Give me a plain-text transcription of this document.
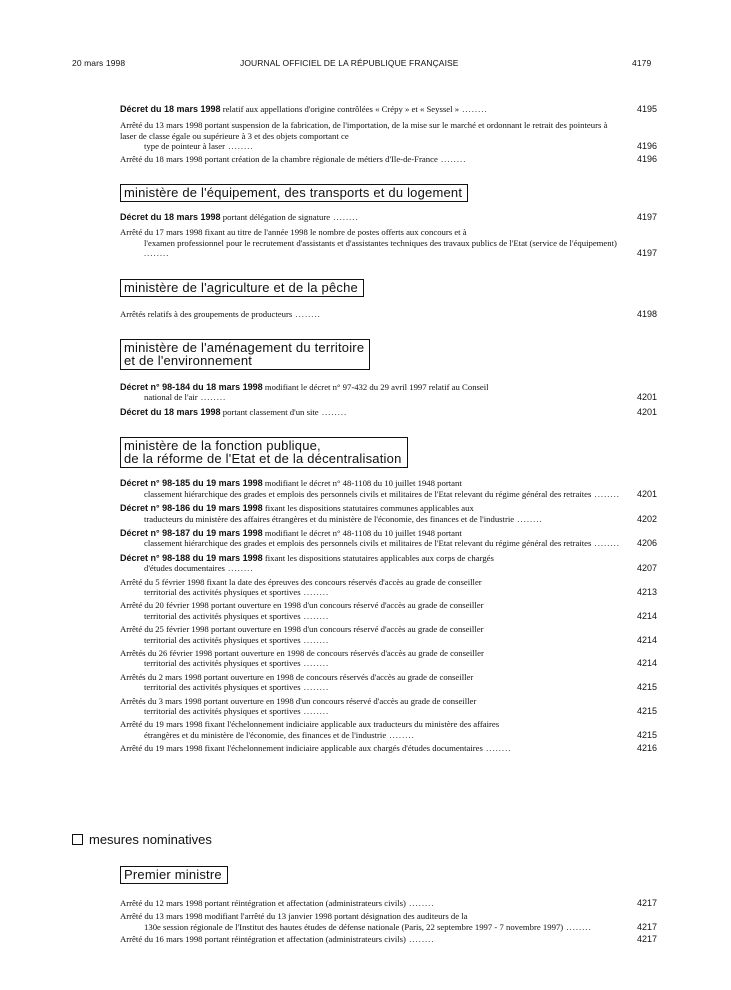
20 mars 1998	JOURNAL OFFICIEL DE LA RÉPUBLIQUE FRANÇAISE	4179
Décret du 18 mars 1998 relatif aux appellations d'origine contrôlées « Crépy » et « Seyssel » ........	4195
Arrêté du 13 mars 1998 portant suspension de la fabrication, de l'importation, de la mise sur le marché et ordonnant le retrait des pointeurs à laser de classe égale ou supérieure à 3 et des objets comportant ce
type de pointeur à laser ........	4196
Arrêté du 18 mars 1998 portant création de la chambre régionale de métiers d'Ile-de-France ........	4196
ministère de l'équipement, des transports et du logement
Décret du 18 mars 1998 portant délégation de signature ........	4197
Arrêté du 17 mars 1998 fixant au titre de l'année 1998 le nombre de postes offerts aux concours et à
l'examen professionnel pour le recrutement d'assistants et d'assistantes techniques des travaux publics de l'Etat (service de l'équipement) ........	4197
ministère de l'agriculture et de la pêche
Arrêtés relatifs à des groupements de producteurs ........	4198
ministère de l'aménagement du territoire
et de l'environnement
Décret n° 98-184 du 18 mars 1998 modifiant le décret n° 97-432 du 29 avril 1997 relatif au Conseil
national de l'air ........	4201
Décret du 18 mars 1998 portant classement d'un site ........	4201
ministère de la fonction publique,
de la réforme de l'Etat et de la décentralisation
Décret n° 98-185 du 19 mars 1998 modifiant le décret n° 48-1108 du 10 juillet 1948 portant
classement hiérarchique des grades et emplois des personnels civils et militaires de l'Etat relevant du régime général des retraites ........	4201
Décret n° 98-186 du 19 mars 1998 fixant les dispositions statutaires communes applicables aux
traducteurs du ministère des affaires étrangères et du ministère de l'économie, des finances et de l'industrie ........	4202
Décret n° 98-187 du 19 mars 1998 modifiant le décret n° 48-1108 du 10 juillet 1948 portant
classement hiérarchique des grades et emplois des personnels civils et militaires de l'Etat relevant du régime général des retraites ........	4206
Décret n° 98-188 du 19 mars 1998 fixant les dispositions statutaires applicables aux corps de chargés
d'études documentaires ........	4207
Arrêté du 5 février 1998 fixant la date des épreuves des concours réservés d'accès au grade de conseiller
territorial des activités physiques et sportives ........	4213
Arrêté du 20 février 1998 portant ouverture en 1998 d'un concours réservé d'accès au grade de conseiller
territorial des activités physiques et sportives ........	4214
Arrêté du 25 février 1998 portant ouverture en 1998 d'un concours réservé d'accès au grade de conseiller
territorial des activités physiques et sportives ........	4214
Arrêtés du 26 février 1998 portant ouverture en 1998 de concours réservés d'accès au grade de conseiller
territorial des activités physiques et sportives ........	4214
Arrêtés du 2 mars 1998 portant ouverture en 1998 de concours réservés d'accès au grade de conseiller
territorial des activités physiques et sportives ........	4215
Arrêtés du 3 mars 1998 portant ouverture en 1998 d'un concours réservé d'accès au grade de conseiller
territorial des activités physiques et sportives ........	4215
Arrêté du 19 mars 1998 fixant l'échelonnement indiciaire applicable aux traducteurs du ministère des affaires
étrangères et du ministère de l'économie, des finances et de l'industrie ........	4215
Arrêté du 19 mars 1998 fixant l'échelonnement indiciaire applicable aux chargés d'études documentaires ........	4216
mesures nominatives
Premier ministre
Arrêté du 12 mars 1998 portant réintégration et affectation (administrateurs civils) ........	4217
Arrêté du 13 mars 1998 modifiant l'arrêté du 13 janvier 1998 portant désignation des auditeurs de la
130e session régionale de l'Institut des hautes études de défense nationale (Paris, 22 septembre 1997 - 7 novembre 1997) ........	4217
Arrêté du 16 mars 1998 portant réintégration et affectation (administrateurs civils) ........	4217
